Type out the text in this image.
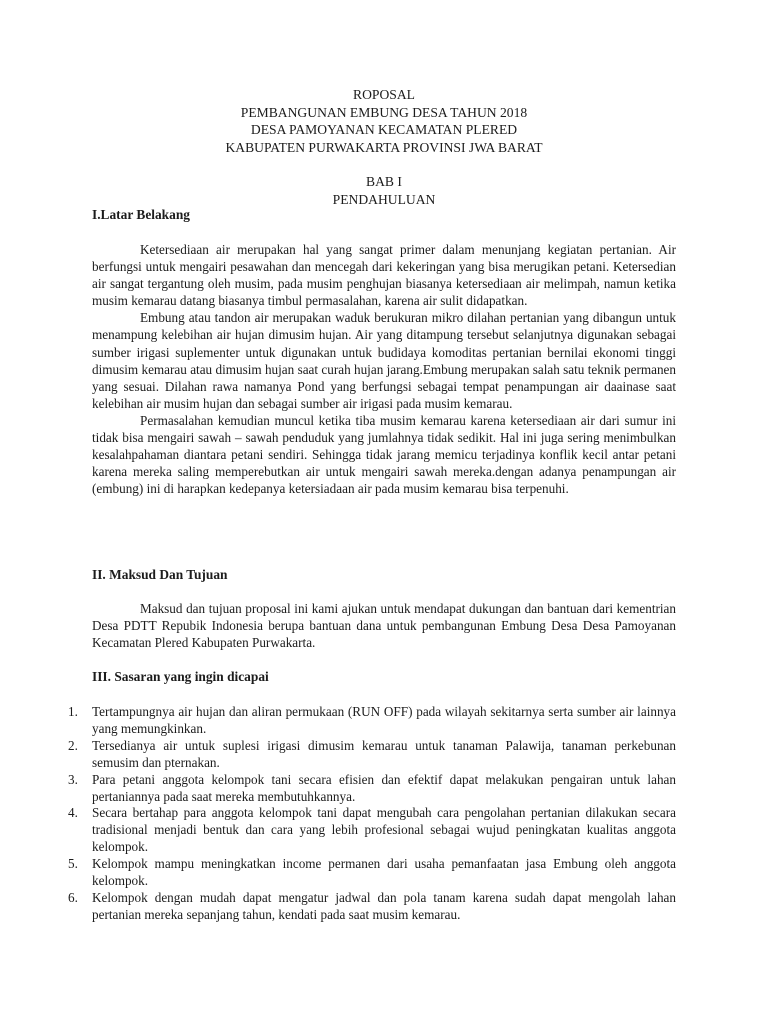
ROPOSAL
PEMBANGUNAN EMBUNG DESA TAHUN 2018
DESA PAMOYANAN KECAMATAN PLERED
KABUPATEN PURWAKARTA PROVINSI JWA BARAT
BAB I
PENDAHULUAN
I.Latar Belakang

Ketersediaan air merupakan hal yang sangat primer dalam menunjang kegiatan pertanian. Air berfungsi untuk mengairi pesawahan dan mencegah dari kekeringan yang bisa merugikan petani. Ketersedian air sangat tergantung oleh musim, pada musim penghujan biasanya ketersediaan air melimpah, namun ketika musim kemarau datang biasanya timbul permasalahan, karena air sulit didapatkan.

Embung atau tandon air merupakan waduk berukuran mikro dilahan pertanian yang dibangun untuk menampung kelebihan air hujan dimusim hujan. Air yang ditampung tersebut selanjutnya digunakan sebagai sumber irigasi suplementer untuk digunakan untuk budidaya komoditas pertanian bernilai ekonomi tinggi dimusim kemarau atau dimusim hujan saat curah hujan jarang.Embung merupakan salah satu teknik permanen yang sesuai. Dilahan rawa namanya Pond yang berfungsi sebagai tempat penampungan air daainase saat kelebihan air musim hujan dan sebagai sumber air irigasi pada musim kemarau.

Permasalahan kemudian muncul ketika tiba musim kemarau karena ketersediaan air dari sumur ini tidak bisa mengairi sawah – sawah penduduk yang jumlahnya tidak sedikit. Hal ini juga sering menimbulkan kesalahpahaman diantara petani sendiri. Sehingga tidak jarang memicu terjadinya konflik kecil antar petani karena mereka saling memperebutkan air untuk mengairi sawah mereka.dengan adanya penampungan air (embung) ini di harapkan kedepanya ketersiadaan air pada musim kemarau bisa terpenuhi.

II. Maksud Dan Tujuan

Maksud dan tujuan proposal ini kami ajukan untuk mendapat dukungan dan bantuan dari kementrian Desa PDTT Repubik Indonesia berupa bantuan dana untuk pembangunan Embung Desa Desa Pamoyanan Kecamatan Plered Kabupaten Purwakarta.

III. Sasaran yang ingin dicapai
1. Tertampungnya air hujan dan aliran permukaan (RUN OFF) pada wilayah sekitarnya serta sumber air lainnya yang memungkinkan.
2. Tersedianya air untuk suplesi irigasi dimusim kemarau untuk tanaman Palawija, tanaman perkebunan semusim dan pternakan.
3. Para petani anggota kelompok tani secara efisien dan efektif dapat melakukan pengairan untuk lahan pertaniannya pada saat mereka membutuhkannya.
4. Secara bertahap para anggota kelompok tani dapat mengubah cara pengolahan pertanian dilakukan secara tradisional menjadi bentuk dan cara yang lebih profesional sebagai wujud peningkatan kualitas anggota kelompok.
5. Kelompok mampu meningkatkan income permanen dari usaha pemanfaatan jasa Embung oleh anggota kelompok.
6. Kelompok dengan mudah dapat mengatur jadwal dan pola tanam karena sudah dapat mengolah lahan pertanian mereka sepanjang tahun, kendati pada saat musim kemarau.
